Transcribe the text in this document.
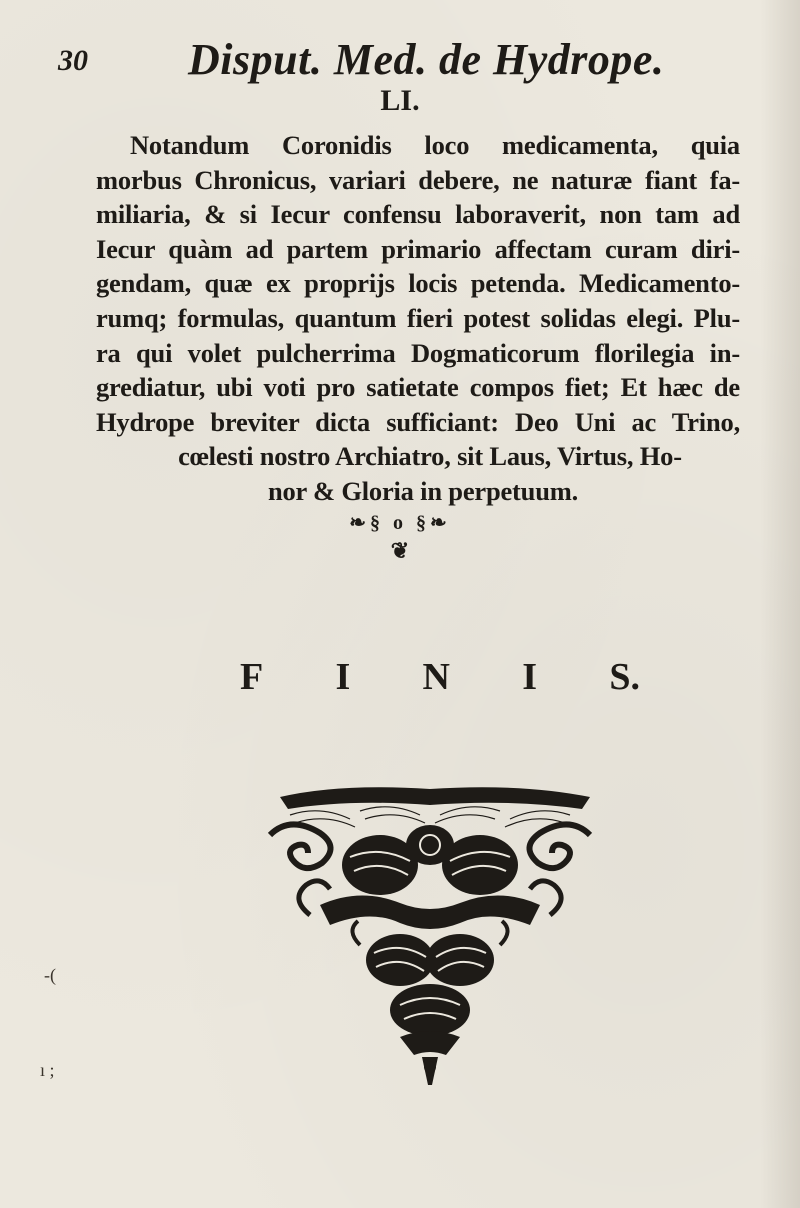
30 Disput. Med. de Hydrope.
LI.
Notandum Coronidis loco medicamenta, quia
morbus Chronicus, variari debere, ne naturæ fiant fa-
miliaria, & si Iecur confensu laboraverit, non tam ad
Iecur quàm ad partem primario affectam curam diri-
gendam, quæ ex proprijs locis petenda. Medicamento-
rumq; formulas, quantum fieri potest solidas elegi. Plu-
ra qui volet pulcherrima Dogmaticorum florilegia in-
grediatur, ubi voti pro satietate compos fiet; Et hæc de
Hydrope breviter dicta sufficiant: Deo Uni ac Trino,
cœlesti nostro Archiatro, sit Laus, Virtus, Ho-
nor & Gloria in perpetuum.
❧§ o §❧
❦
F I N I S.
-(
ı ;
